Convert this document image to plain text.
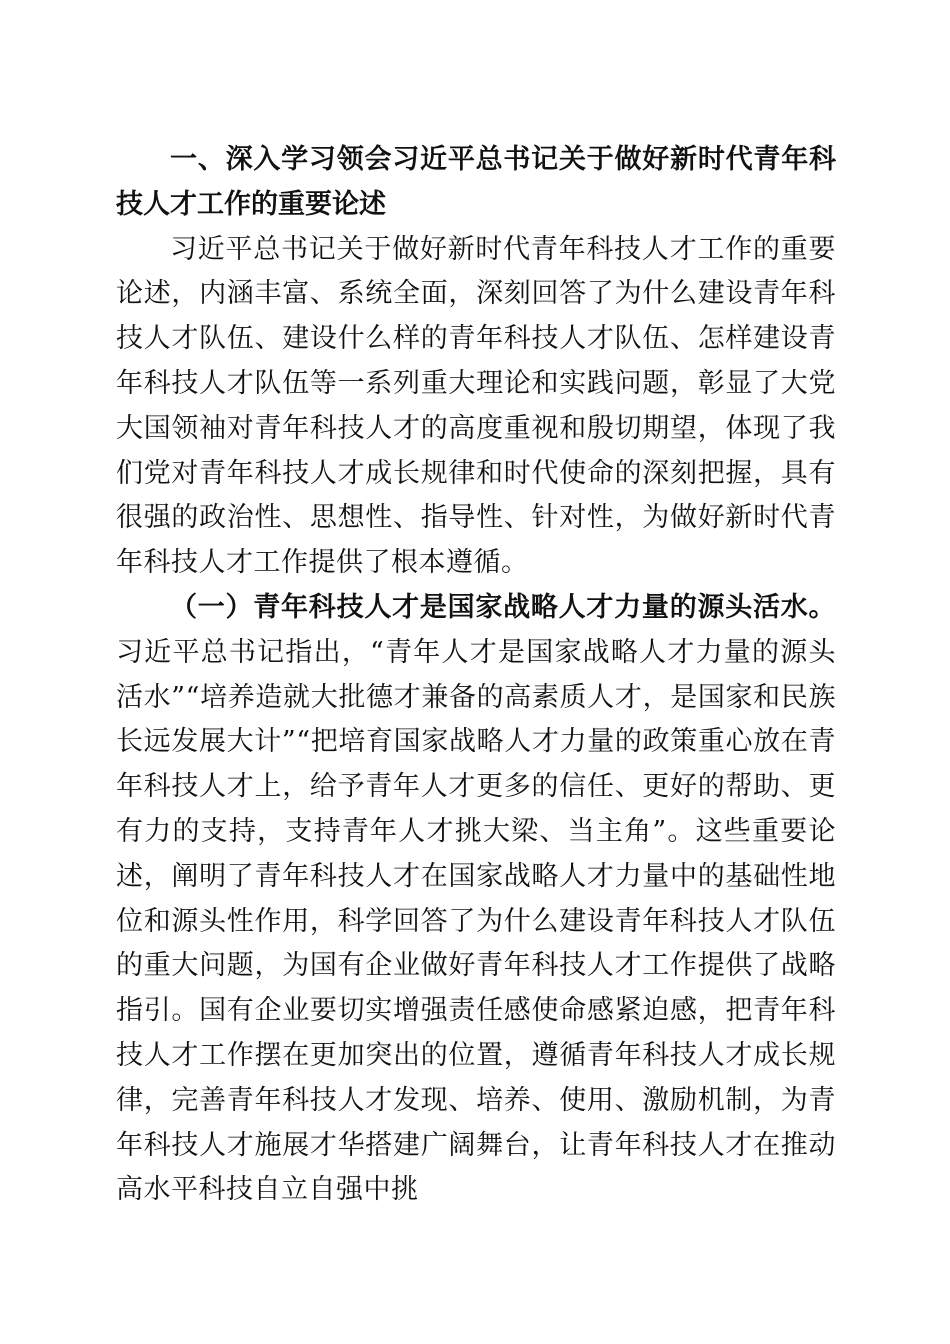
一、深入学习领会习近平总书记关于做好新时代青年科技人才工作的重要论述

习近平总书记关于做好新时代青年科技人才工作的重要论述，内涵丰富、系统全面，深刻回答了为什么建设青年科技人才队伍、建设什么样的青年科技人才队伍、怎样建设青年科技人才队伍等一系列重大理论和实践问题，彰显了大党大国领袖对青年科技人才的高度重视和殷切期望，体现了我们党对青年科技人才成长规律和时代使命的深刻把握，具有很强的政治性、思想性、指导性、针对性，为做好新时代青年科技人才工作提供了根本遵循。

（一）青年科技人才是国家战略人才力量的源头活水。习近平总书记指出，“青年人才是国家战略人才力量的源头活水”“培养造就大批德才兼备的高素质人才，是国家和民族长远发展大计”“把培育国家战略人才力量的政策重心放在青年科技人才上，给予青年人才更多的信任、更好的帮助、更有力的支持，支持青年人才挑大梁、当主角”。这些重要论述，阐明了青年科技人才在国家战略人才力量中的基础性地位和源头性作用，科学回答了为什么建设青年科技人才队伍的重大问题，为国有企业做好青年科技人才工作提供了战略指引。国有企业要切实增强责任感使命感紧迫感，把青年科技人才工作摆在更加突出的位置，遵循青年科技人才成长规律，完善青年科技人才发现、培养、使用、激励机制，为青年科技人才施展才华搭建广阔舞台，让青年科技人才在推动高水平科技自立自强中挑
